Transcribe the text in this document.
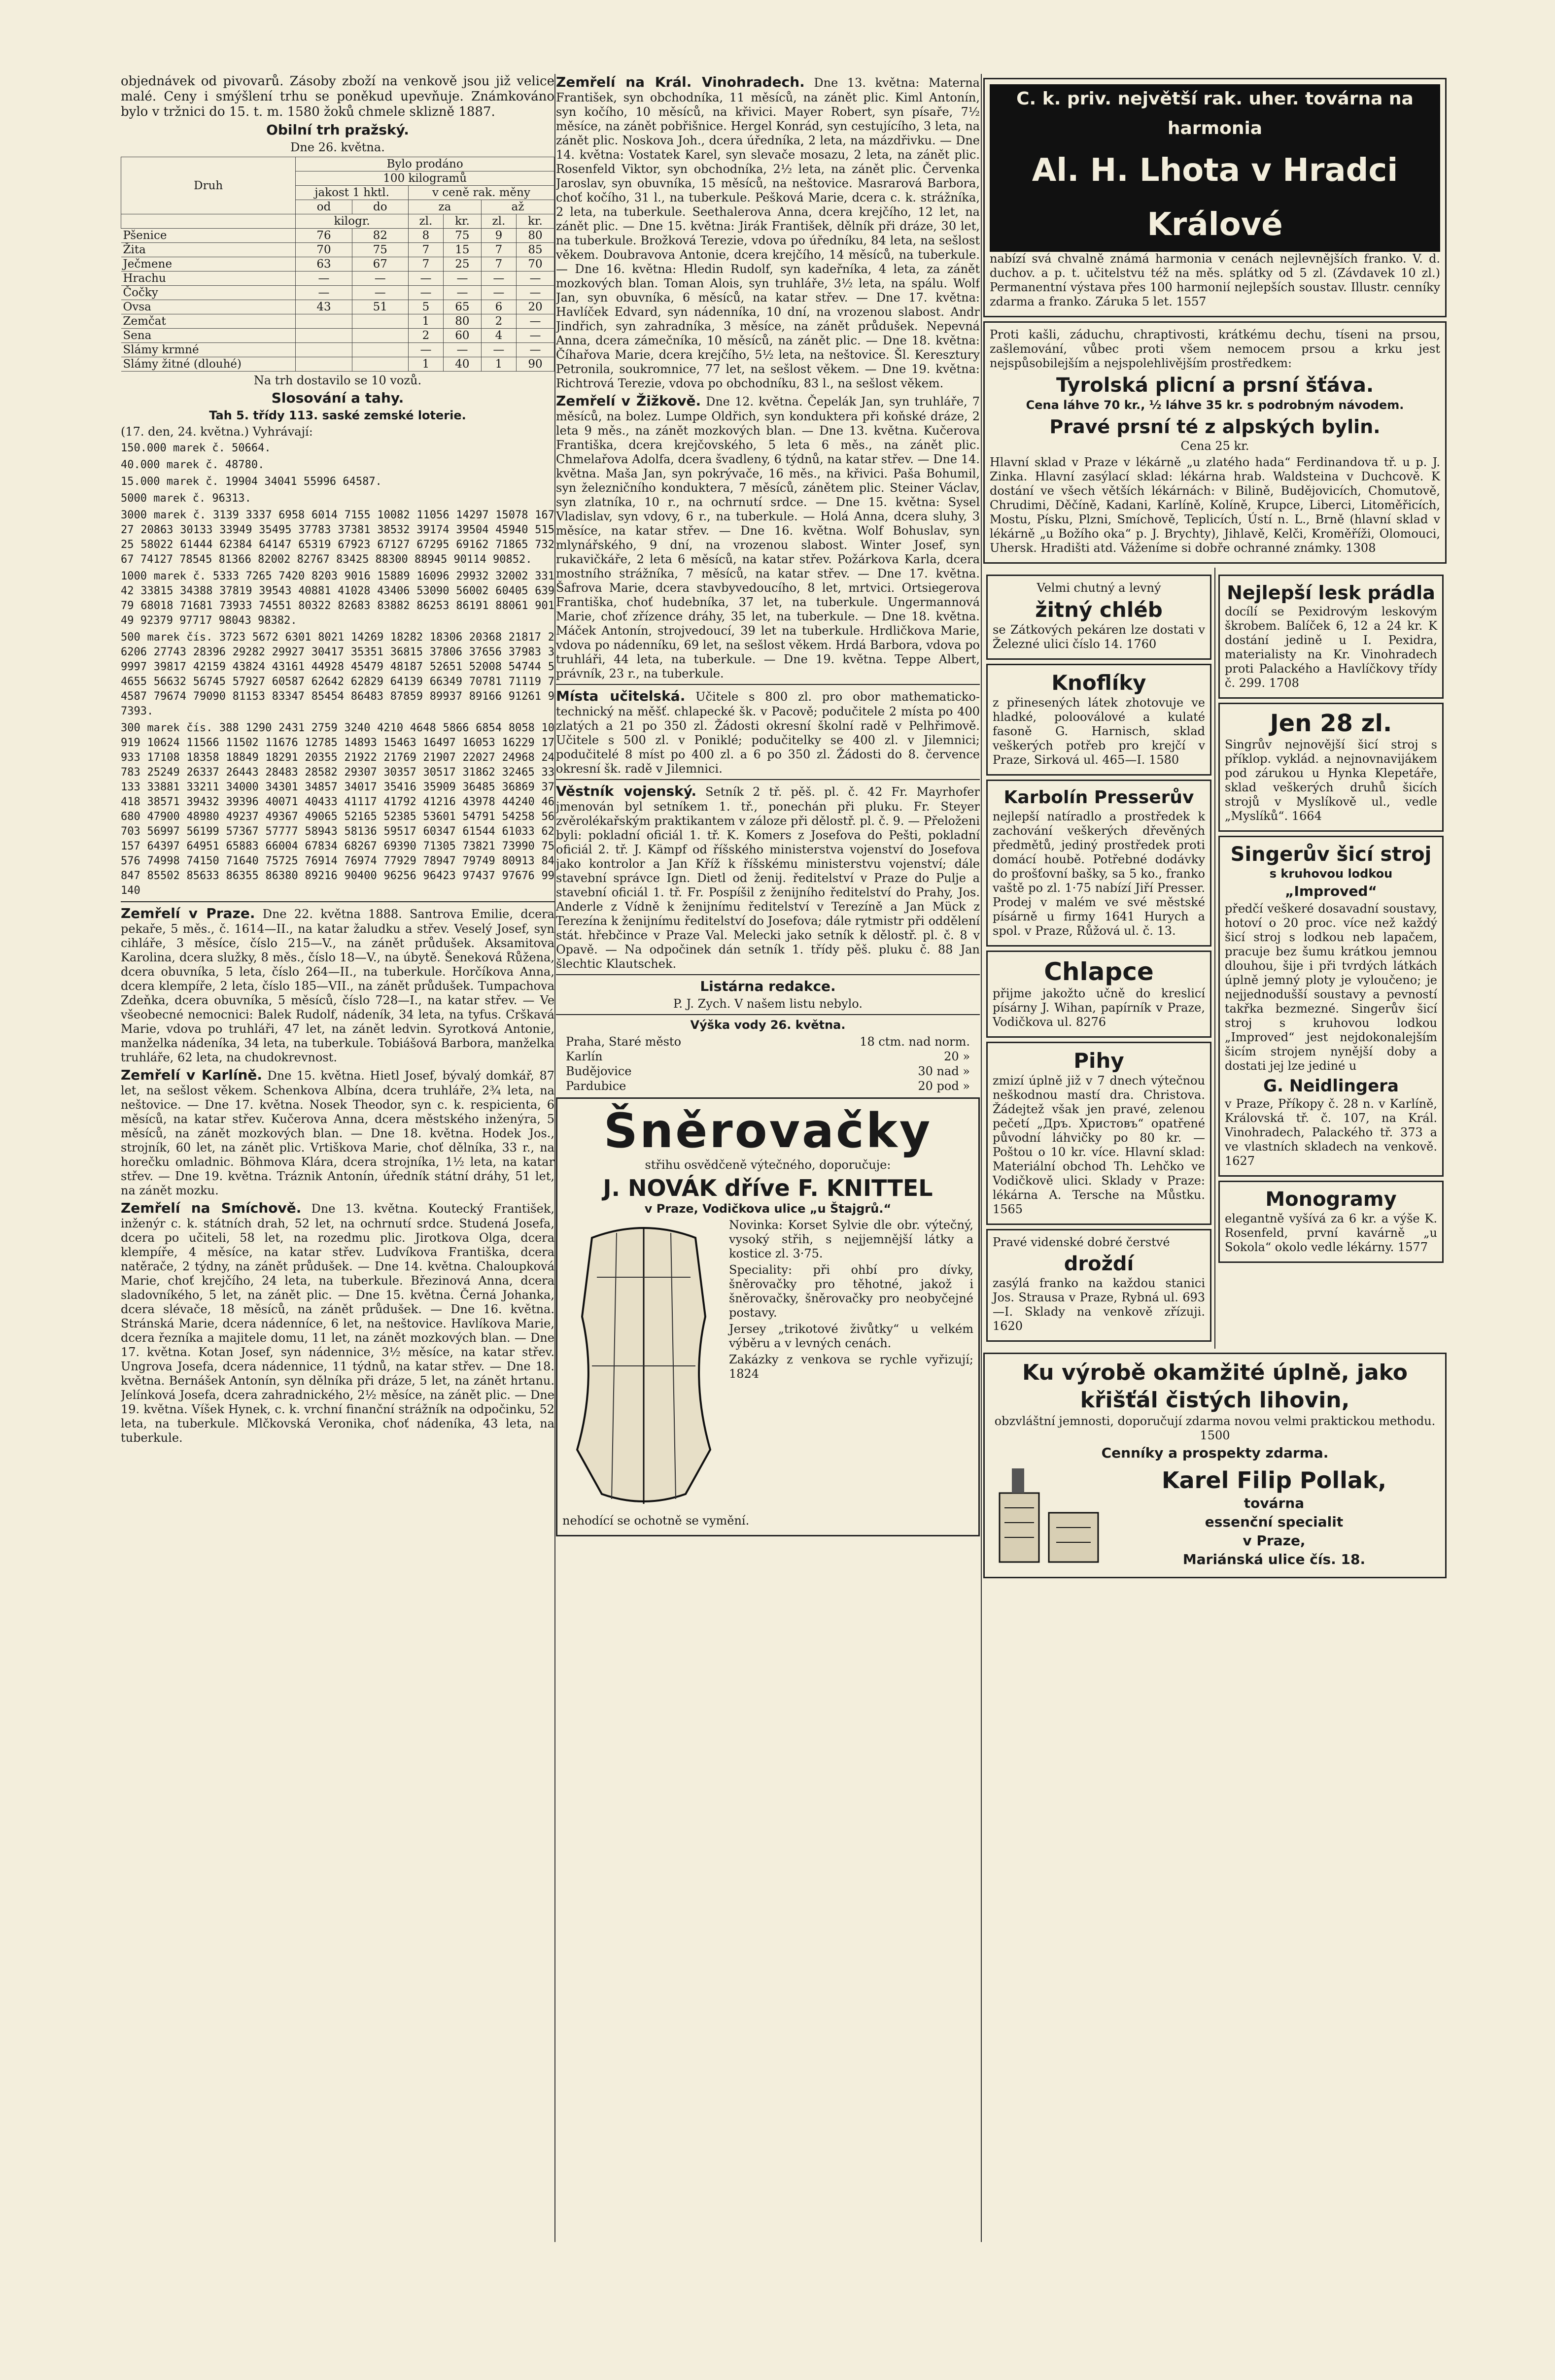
objednávek od pivovarů. Zásoby zboží na venkově jsou již velice malé. Ceny i smýšlení trhu se poněkud upevňuje. Známkováno bylo v tržnici do 15. t. m. 1580 žoků chmele sklizně 1887.

Obilní trh pražský.

Dne 26. května.

Druh	Bylo prodáno					
	100 kilogramů					
	jakost 1 hktl.		v ceně rak. měny			
	od	do	za		až	
	kilogr.		zl.	kr.	zl.	kr.
Pšenice	76	82	8	75	9	80
Žita	70	75	7	15	7	85
Ječmene	63	67	7	25	7	70
Hrachu	—	—	—	—	—	—
Čočky	—	—	—	—	—	—
Ovsa	43	51	5	65	6	20
Zemčat			1	80	2	—
Sena			2	60	4	—
Slámy krmné			—	—	—	—
Slámy žitné (dlouhé)			1	40	1	90

Na trh dostavilo se 10 vozů.

Slosování a tahy.

Tah 5. třídy 113. saské zemské loterie.

(17. den, 24. května.) Vyhrávají:

150.000 marek č. 50664.

40.000 marek č. 48780.

15.000 marek č. 19904 34041 55996 64587.

5000 marek č. 96313.

3000 marek č. 3139 3337 6958 6014 7155 10082 11056 14297 15078 16727 20863 30133 33949 35495 37783 37381 38532 39174 39504 45940 51525 58022 61444 62384 64147 65319 67923 67127 67295 69162 71865 73267 74127 78545 81366 82002 82767 83425 88300 88945 90114 90852.

1000 marek č. 5333 7265 7420 8203 9016 15889 16096 29932 32002 33142 33815 34388 37819 39543 40881 41028 43406 53090 56002 60405 63979 68018 71681 73933 74551 80322 82683 83882 86253 86191 88061 90149 92379 97717 98043 98382.

500 marek čís. 3723 5672 6301 8021 14269 18282 18306 20368 21817 26206 27743 28396 29282 29927 30417 35351 36815 37806 37656 37983 39997 39817 42159 43824 43161 44928 45479 48187 52651 52008 54744 54655 56632 56745 57927 60587 62642 62829 64139 66349 70781 71119 74587 79674 79090 81153 83347 85454 86483 87859 89937 89166 91261 97393.

300 marek čís. 388 1290 2431 2759 3240 4210 4648 5866 6854 8058 10919 10624 11566 11502 11676 12785 14893 15463 16497 16053 16229 17933 17108 18358 18849 18291 20355 21922 21769 21907 22027 24968 24783 25249 26337 26443 28483 28582 29307 30357 30517 31862 32465 33133 33881 33211 34000 34301 34857 34017 35416 35909 36485 36869 37418 38571 39432 39396 40071 40433 41117 41792 41216 43978 44240 46680 47900 48980 49237 49367 49065 52165 52385 53601 54791 54258 56703 56997 56199 57367 57777 58943 58136 59517 60347 61544 61033 62157 64397 64951 65883 66004 67834 68267 69390 71305 73821 73990 75576 74998 74150 71640 75725 76914 76974 77929 78947 79749 80913 84847 85502 85633 86355 86380 89216 90400 96256 96423 97437 97676 99140

Zemřelí v Praze. Dne 22. května 1888. Santrova Emilie, dcera pekaře, 5 měs., č. 1614—II., na katar žaludku a střev. Veselý Josef, syn cihláře, 3 měsíce, číslo 215—V., na zánět průdušek. Aksamitova Karolina, dcera služky, 8 měs., číslo 18—V., na úbytě. Šeneková Růžena, dcera obuvníka, 5 leta, číslo 264—II., na tuberkule. Horčíkova Anna, dcera klempíře, 2 leta, číslo 185—VII., na zánět průdušek. Tumpachova Zdeňka, dcera obuvníka, 5 měsíců, číslo 728—I., na katar střev. — Ve všeobecné nemocnici: Balek Rudolf, nádeník, 34 leta, na tyfus. Crškavá Marie, vdova po truhláři, 47 let, na zánět ledvin. Syrotková Antonie, manželka nádeníka, 34 leta, na tuberkule. Tobiášová Barbora, manželka truhláře, 62 leta, na chudokrevnost.

Zemřelí v Karlíně. Dne 15. května. Hietl Josef, bývalý domkář, 87 let, na sešlost věkem. Schenkova Albína, dcera truhláře, 2¾ leta, na neštovice. — Dne 17. května. Nosek Theodor, syn c. k. respicienta, 6 měsíců, na katar střev. Kučerova Anna, dcera městského inženýra, 5 měsíců, na zánět mozkových blan. — Dne 18. května. Hodek Jos., strojník, 60 let, na zánět plic. Vrtiškova Marie, choť dělníka, 33 r., na horečku omladnic. Böhmova Klára, dcera strojníka, 1½ leta, na katar střev. — Dne 19. května. Tráznik Antonín, úředník státní dráhy, 51 let, na zánět mozku.

Zemřelí na Smíchově. Dne 13. května. Koutecký František, inženýr c. k. státních drah, 52 let, na ochrnutí srdce. Studená Josefa, dcera po učiteli, 58 let, na rozedmu plic. Jirotkova Olga, dcera klempíře, 4 měsíce, na katar střev. Ludvíkova Františka, dcera natěrače, 2 týdny, na zánět průdušek. — Dne 14. května. Chaloupková Marie, choť krejčího, 24 leta, na tuberkule. Březinová Anna, dcera sladovníkého, 5 let, na zánět plic. — Dne 15. května. Černá Johanka, dcera slévače, 18 měsíců, na zánět průdušek. — Dne 16. května. Stránská Marie, dcera nádenníce, 6 let, na neštovice. Havlíkova Marie, dcera řezníka a majitele domu, 11 let, na zánět mozkových blan. — Dne 17. května. Kotan Josef, syn nádennice, 3½ měsíce, na katar střev. Ungrova Josefa, dcera nádennice, 11 týdnů, na katar střev. — Dne 18. května. Bernášek Antonín, syn dělníka při dráze, 5 let, na zánět hrtanu. Jelínková Josefa, dcera zahradnického, 2½ měsíce, na zánět plic. — Dne 19. května. Víšek Hynek, c. k. vrchní finanční strážník na odpočinku, 52 leta, na tuberkule. Mlčkovská Veronika, choť nádeníka, 43 leta, na tuberkule.

Zemřelí na Král. Vinohradech. Dne 13. května: Materna František, syn obchodníka, 11 měsíců, na zánět plic. Kiml Antonín, syn kočího, 10 měsíců, na křivici. Mayer Robert, syn písaře, 7½ měsíce, na zánět pobřišnice. Hergel Konrád, syn cestujícího, 3 leta, na zánět plic. Noskova Joh., dcera úředníka, 2 leta, na mázdřivku. — Dne 14. května: Vostatek Karel, syn slevače mosazu, 2 leta, na zánět plic. Rosenfeld Viktor, syn obchodníka, 2½ leta, na zánět plic. Červenka Jaroslav, syn obuvníka, 15 měsíců, na neštovice. Masrarová Barbora, choť kočího, 31 l., na tuberkule. Pešková Marie, dcera c. k. strážníka, 2 leta, na tuberkule. Seethalerova Anna, dcera krejčího, 12 let, na zánět plic. — Dne 15. května: Jirák František, dělník při dráze, 30 let, na tuberkule. Brožková Terezie, vdova po úředníku, 84 leta, na sešlost věkem. Doubravova Antonie, dcera krejčího, 14 měsíců, na tuberkule. — Dne 16. května: Hledin Rudolf, syn kadeřníka, 4 leta, za zánět mozkových blan. Toman Alois, syn truhláře, 3½ leta, na spálu. Wolf Jan, syn obuvníka, 6 měsíců, na katar střev. — Dne 17. května: Havlíček Edvard, syn nádenníka, 10 dní, na vrozenou slabost. Andr Jindřich, syn zahradníka, 3 měsíce, na zánět průdušek. Nepevná Anna, dcera zámečníka, 10 měsíců, na zánět plic. — Dne 18. května: Číhařova Marie, dcera krejčího, 5½ leta, na neštovice. Šl. Keresztury Petronila, soukromnice, 77 let, na sešlost věkem. — Dne 19. května: Richtrová Terezie, vdova po obchodníku, 83 l., na sešlost věkem.

Zemřelí v Žižkově. Dne 12. května. Čepelák Jan, syn truhláře, 7 měsíců, na bolez. Lumpe Oldřich, syn konduktera při koňské dráze, 2 leta 9 měs., na zánět mozkových blan. — Dne 13. května. Kučerova Františka, dcera krejčovského, 5 leta 6 měs., na zánět plic. Chmelařova Adolfa, dcera švadleny, 6 týdnů, na katar střev. — Dne 14. května. Maša Jan, syn pokrývače, 16 měs., na křivici. Paša Bohumil, syn železničního konduktera, 7 měsíců, zánětem plic. Steiner Václav, syn zlatníka, 10 r., na ochrnutí srdce. — Dne 15. května: Sysel Vladislav, syn vdovy, 6 r., na tuberkule. — Holá Anna, dcera sluhy, 3 měsíce, na katar střev. — Dne 16. května. Wolf Bohuslav, syn mlynářského, 9 dní, na vrozenou slabost. Winter Josef, syn rukavičkáře, 2 leta 6 měsíců, na katar střev. Požárkova Karla, dcera mostního strážníka, 7 měsíců, na katar střev. — Dne 17. května. Šafrova Marie, dcera stavbyvedoucího, 8 let, mrtvici. Ortsiegerova Františka, choť hudebníka, 37 let, na tuberkule. Ungermannová Marie, choť zřízence dráhy, 35 let, na tuberkule. — Dne 18. května. Máček Antonín, strojvedoucí, 39 let na tuberkule. Hrdličkova Marie, vdova po nádenníku, 69 let, na sešlost věkem. Hrdá Barbora, vdova po truhláři, 44 leta, na tuberkule. — Dne 19. května. Teppe Albert, právník, 23 r., na tuberkule.

Místa učitelská. Učitele s 800 zl. pro obor mathematicko-technický na měšť. chlapecké šk. v Pacově; podučitele 2 místa po 400 zlatých a 21 po 350 zl. Žádosti okresní školní radě v Pelhřimově. Učitele s 500 zl. v Poniklé; podučitelky se 400 zl. v Jilemnici; podučitelé 8 míst po 400 zl. a 6 po 350 zl. Žádosti do 8. července okresní šk. radě v Jilemnici.

Věstník vojenský. Setník 2 tř. pěš. pl. č. 42 Fr. Mayrhofer jmenován byl setníkem 1. tř., ponechán při pluku. Fr. Steyer zvěrolékařským praktikantem v záloze při dělostř. pl. č. 9. — Přeloženi byli: pokladní oficiál 1. tř. K. Komers z Josefova do Pešti, pokladní oficiál 2. tř. J. Kämpf od říšského ministerstva vojenství do Josefova jako kontrolor a Jan Kříž k říšskému ministerstvu vojenství; dále stavební správce Ign. Dietl od ženij. ředitelství v Praze do Pulje a stavební oficiál 1. tř. Fr. Pospíšil z ženijního ředitelství do Prahy, Jos. Anderle z Vídně k ženijnímu ředitelství v Terezíně a Jan Mück z Terezína k ženijnímu ředitelství do Josefova; dále rytmistr při oddělení stát. hřebčince v Praze Val. Melecki jako setník k dělostř. pl. č. 8 v Opavě. — Na odpočinek dán setník 1. třídy pěš. pluku č. 88 Jan šlechtic Klautschek.

Listárna redakce.

P. J. Zych. V našem listu nebylo.

Výška vody 26. května.

Praha, Staré město	18 ctm. nad norm.
Karlín	20 »
Budějovice	30 nad »
Pardubice	20 pod »
Šněrovačky

střihu osvědčeně výtečného, doporučuje:

J. NOVÁK dříve F. KNITTEL

v Praze, Vodičkova ulice „u Štajgrů.“

Novinka: Korset Sylvie dle obr. výtečný, vysoký střih, s nejjemnější látky a kostice zl. 3·75.

Speciality: při ohbí pro dívky, šněrovačky pro těhotné, jakož i šněrovačky, šněrovačky pro neobyčejné postavy.

Jersey „trikotové živůtky“ u velkém výběru a v levných cenách.

Zakázky z venkova se rychle vyřizují; 1824

nehodící se ochotně se vymění.

C. k. priv. největší rak. uher. továrna na harmonia
Al. H. Lhota v Hradci Králové

nabízí svá chvalně známá harmonia v cenách nejlevnějších franko. V. d. duchov. a p. t. učitelstvu též na měs. splátky od 5 zl. (Závdavek 10 zl.) Permanentní výstava přes 100 harmonií nejlepších soustav. Illustr. cenníky zdarma a franko. Záruka 5 let. 1557

Proti kašli, záduchu, chraptivosti, krátkému dechu, tíseni na prsou, zašlemování, vůbec proti všem nemocem prsou a krku jest nejspůsobilejším a nejspolehlivějším prostředkem:

Tyrolská plicní a prsní šťáva.

Cena láhve 70 kr., ½ láhve 35 kr. s podrobným návodem.

Pravé prsní té z alpských bylin.

Cena 25 kr.

Hlavní sklad v Praze v lékárně „u zlatého hada“ Ferdinandova tř. u p. J. Zinka. Hlavní zasýlací sklad: lékárna hrab. Waldsteina v Duchcově. K dostání ve všech větších lékárnách: v Bilině, Budějovicích, Chomutově, Chrudimi, Děčíně, Kadani, Karlíně, Kolíně, Krupce, Liberci, Litoměřicích, Mostu, Písku, Plzni, Smíchově, Teplicích, Ústí n. L., Brně (hlavní sklad v lékárně „u Božího oka“ p. J. Brychty), Jihlavě, Kelči, Kroměříži, Olomouci, Uhersk. Hradišti atd. Váženíme si dobře ochranné známky. 1308

Velmi chutný a levný

žitný chléb

se Zátkových pekáren lze dostati v Železné ulici číslo 14. 1760

Knoflíky

z přinesených látek zhotovuje ve hladké, polooválové a kulaté fasoně G. Harnisch, sklad veškerých potřeb pro krejčí v Praze, Sirková ul. 465—I. 1580

Karbolín Presserův

nejlepší natíradlo a prostředek k zachování veškerých dřevěných předmětů, jediný prostředek proti domácí houbě. Potřebné dodávky do prošťovní bašky, sa 5 ko., franko vaště po zl. 1·75 nabízí Jiří Presser. Prodej v malém ve své městské písárně u firmy 1641 Hurych a spol. v Praze, Růžová ul. č. 13.

Chlapce

přijme jakožto učně do kreslicí písárny J. Wihan, papírník v Praze, Vodičkova ul. 8276

Pihy

zmizí úplně již v 7 dnech výtečnou neškodnou mastí dra. Christova. Žádejtež však jen pravé, zelenou pečetí „Дръ. Христовъ“ opatřené původní láhvičky po 80 kr. — Poštou o 10 kr. více. Hlavní sklad: Materiální obchod Th. Lehčko ve Vodičkově ulici. Sklady v Praze: lékárna A. Tersche na Můstku. 1565

Pravé videnské dobré čerstvé

droždí

zasýlá franko na každou stanici Jos. Strausa v Praze, Rybná ul. 693—I. Sklady na venkově zřízuji. 1620

Nejlepší lesk prádla

docílí se Pexidrovým leskovým škrobem. Balíček 6, 12 a 24 kr. K dostání jedině u I. Pexidra, materialisty na Kr. Vinohradech proti Palackého a Havlíčkovy třídy č. 299. 1708

Jen 28 zl.

Singrův nejnovější šicí stroj s příklop. vyklád. a nejnovnavijákem pod zárukou u Hynka Klepetáře, sklad veškerých druhů šicích strojů v Myslíkově ul., vedle „Myslíků“. 1664

Singerův šicí stroj

s kruhovou lodkou

„Improved“

předčí veškeré dosavadní soustavy, hotoví o 20 proc. více než každý šicí stroj s lodkou neb lapačem, pracuje bez šumu krátkou jemnou dlouhou, šije i při tvrdých látkách úplně jemný ploty je vyloučeno; je nejjednodušší soustavy a pevností takřka bezmezné. Singerův šicí stroj s kruhovou lodkou „Improved“ jest nejdokonalejším šicím strojem nynější doby a dostati jej lze jediné u

G. Neidlingera

v Praze, Příkopy č. 28 n. v Karlíně, Královská tř. č. 107, na Král. Vinohradech, Palackého tř. 373 a ve vlastních skladech na venkově. 1627

Monogramy

elegantně vyšívá za 6 kr. a výše K. Rosenfeld, první kavárně „u Sokola“ okolo vedle lékárny. 1577

Ku výrobě okamžité úplně, jako křišťál čistých lihovin,

obzvláštní jemnosti, doporučují zdarma novou velmi praktickou methodu. 1500

Cenníky a prospekty zdarma.

Karel Filip Pollak,

továrna

essenční specialit

v Praze,

Mariánská ulice čís. 18.
